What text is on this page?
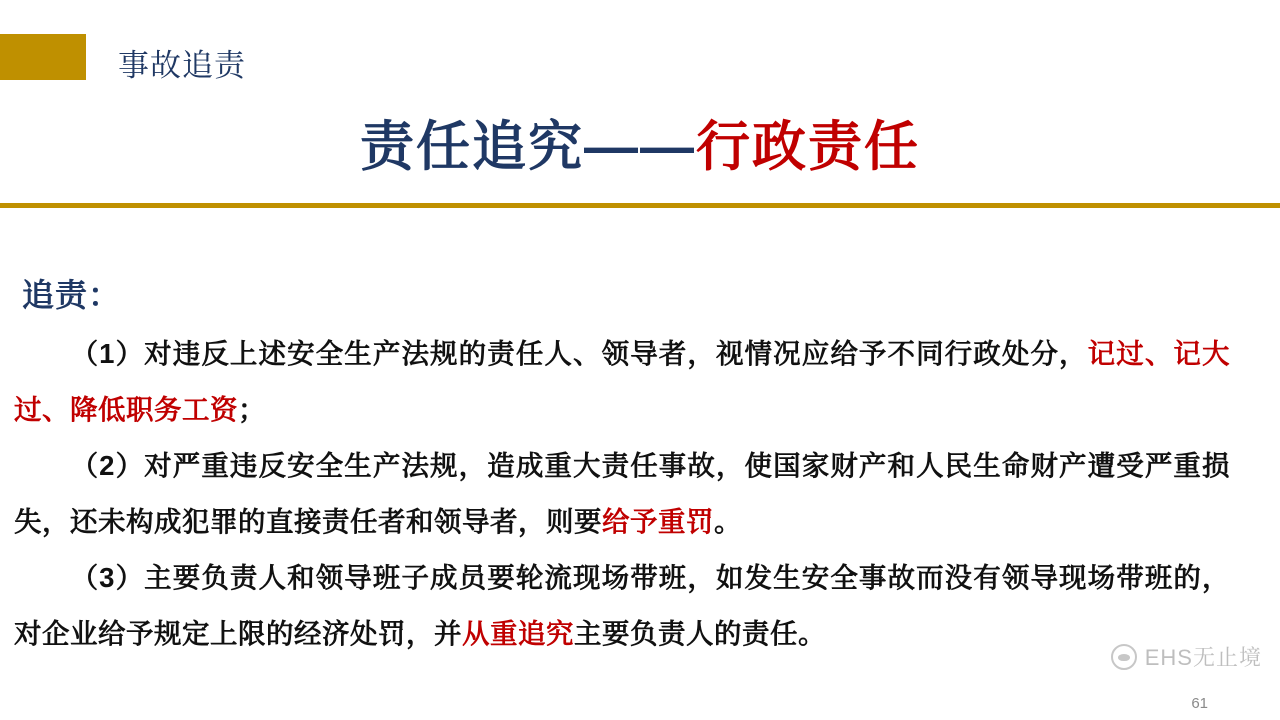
事故追责
责任追究——行政责任
追责：
（1）对违反上述安全生产法规的责任人、领导者，视情况应给予不同行政处分，记过、记大过、降低职务工资；
（2）对严重违反安全生产法规，造成重大责任事故，使国家财产和人民生命财产遭受严重损失，还未构成犯罪的直接责任者和领导者，则要给予重罚。
（3）主要负责人和领导班子成员要轮流现场带班，如发生安全事故而没有领导现场带班的，对企业给予规定上限的经济处罚，并从重追究主要负责人的责任。
EHS无止境
61
